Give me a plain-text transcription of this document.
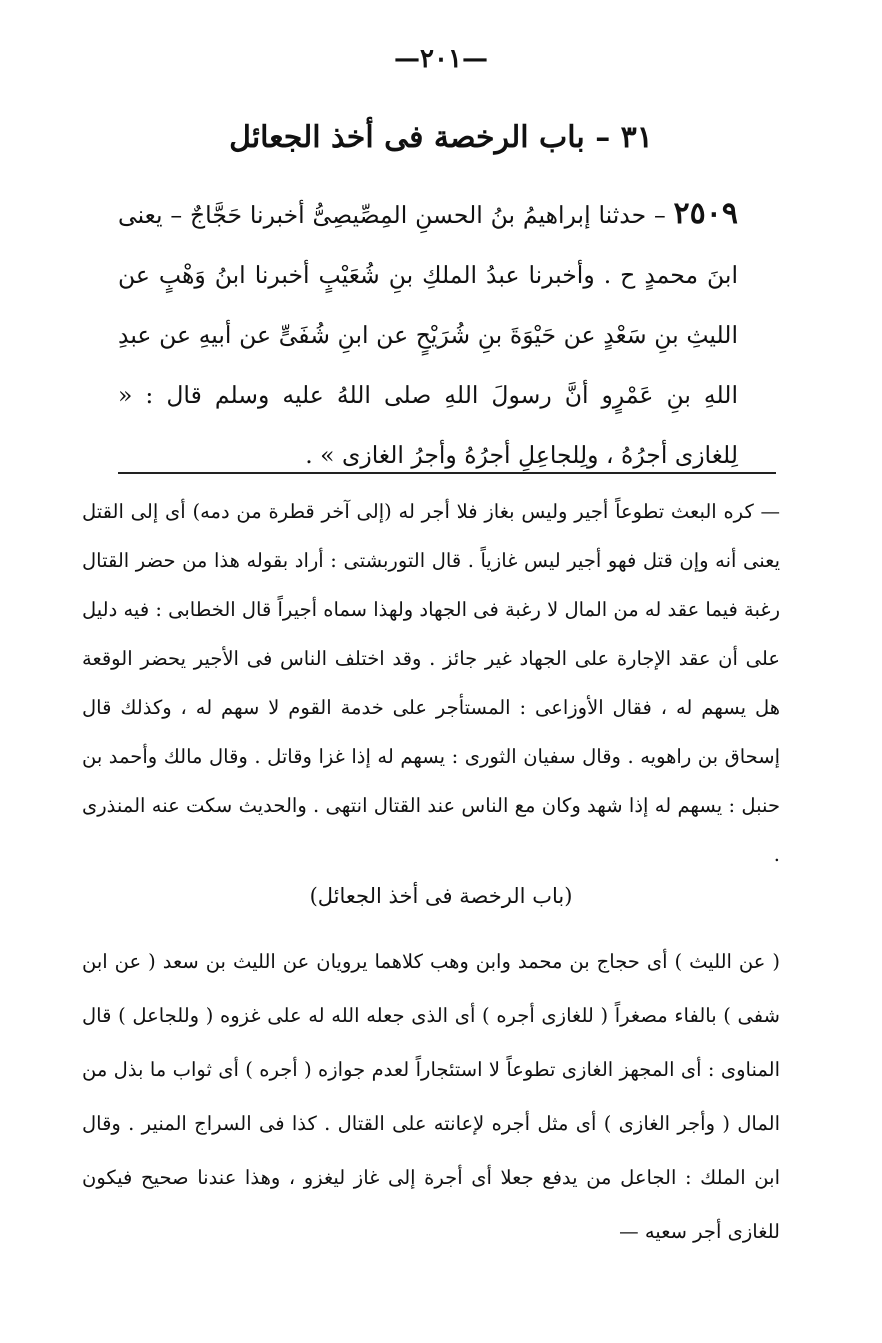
—٢٠١—
٣١ – باب الرخصة فى أخذ الجعائل
٢٥٠٩ – حدثنا إبراهيمُ بنُ الحسنِ المِصِّيصِىُّ أخبرنا حَجَّاجٌ – يعنى ابنَ محمدٍ ح . وأخبرنا عبدُ الملكِ بنِ شُعَيْبٍ أخبرنا ابنُ وَهْبٍ عن الليثِ بنِ سَعْدٍ عن حَيْوَةَ بنِ شُرَيْحٍ عن ابنِ شُفَىٍّ عن أبيهِ عن عبدِ اللهِ بنِ عَمْرٍو أنَّ رسولَ اللهِ صلى اللهُ عليه وسلم قال : « لِلغازى أجرُهُ ، ولِلجاعِلِ أجرُهُ وأجرُ الغازى » .
— كره البعث تطوعاً أجير وليس بغاز فلا أجر له (إلى آخر قطرة من دمه) أى إلى القتل يعنى أنه وإن قتل فهو أجير ليس غازياً . قال التوربشتى : أراد بقوله هذا من حضر القتال رغبة فيما عقد له من المال لا رغبة فى الجهاد ولهذا سماه أجيراً قال الخطابى : فيه دليل على أن عقد الإجارة على الجهاد غير جائز . وقد اختلف الناس فى الأجير يحضر الوقعة هل يسهم له ، فقال الأوزاعى : المستأجر على خدمة القوم لا سهم له ، وكذلك قال إسحاق بن راهويه . وقال سفيان الثورى : يسهم له إذا غزا وقاتل . وقال مالك وأحمد بن حنبل : يسهم له إذا شهد وكان مع الناس عند القتال انتهى . والحديث سكت عنه المنذرى .
(باب الرخصة فى أخذ الجعائل)
( عن الليث ) أى حجاج بن محمد وابن وهب كلاهما يرويان عن الليث بن سعد ( عن ابن شفى ) بالفاء مصغراً ( للغازى أجره ) أى الذى جعله الله له على غزوه ( وللجاعل ) قال المناوى : أى المجهز الغازى تطوعاً لا استئجاراً لعدم جوازه ( أجره ) أى ثواب ما بذل من المال ( وأجر الغازى ) أى مثل أجره لإعانته على القتال . كذا فى السراج المنير . وقال ابن الملك : الجاعل من يدفع جعلا أى أجرة إلى غاز ليغزو ، وهذا عندنا صحيح فيكون للغازى أجر سعيه —
